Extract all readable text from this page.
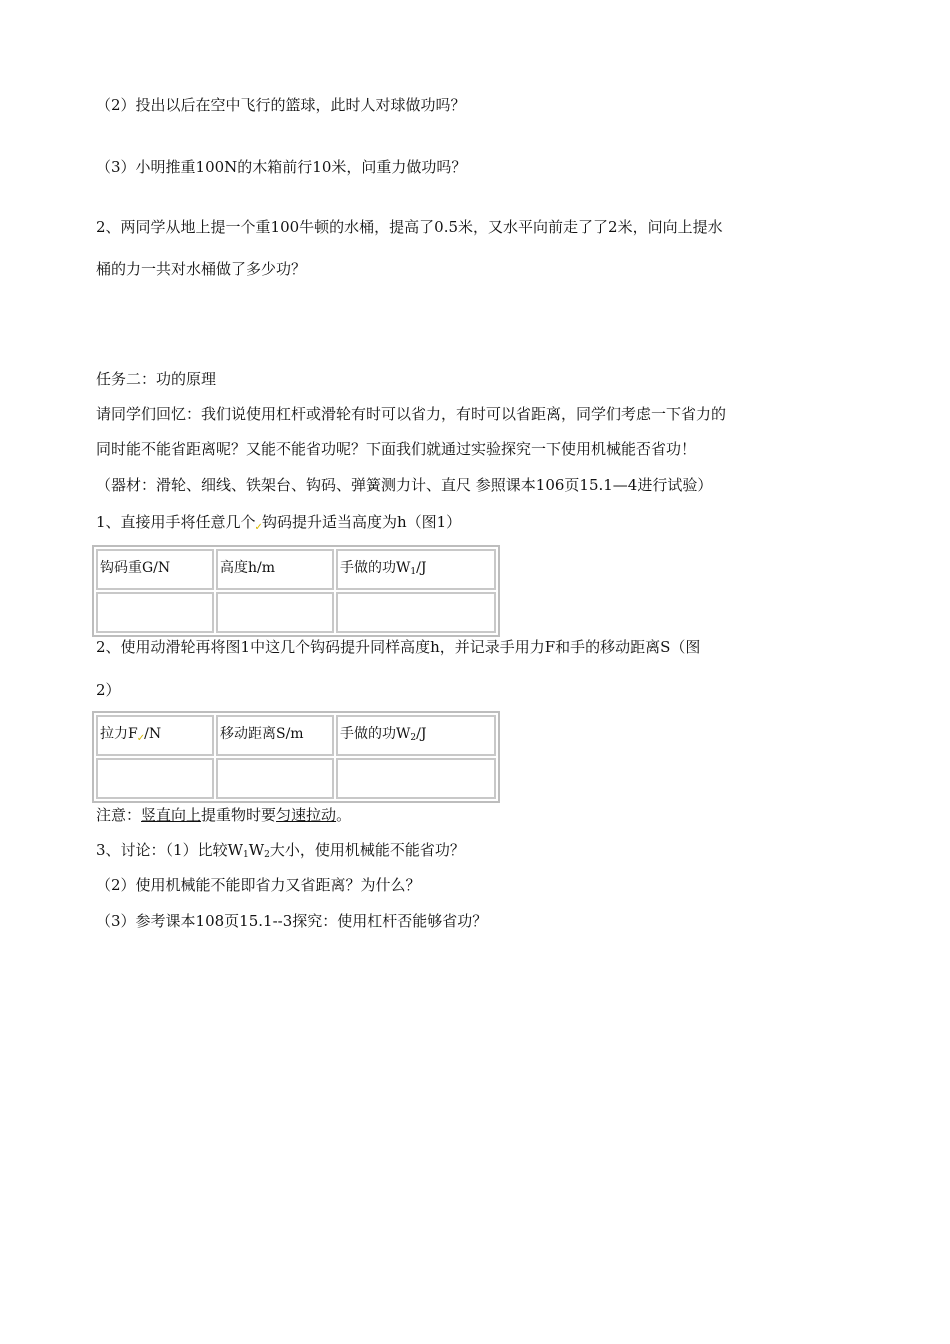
（2）投出以后在空中飞行的篮球，此时人对球做功吗？
（3）小明推重100N的木箱前行10米，问重力做功吗？
2、两同学从地上提一个重100牛顿的水桶，提高了0.5米，又水平向前走了了2米，问向上提水
桶的力一共对水桶做了多少功？
任务二：功的原理
请同学们回忆：我们说使用杠杆或滑轮有时可以省力，有时可以省距离，同学们考虑一下省力的
同时能不能省距离呢？又能不能省功呢？下面我们就通过实验探究一下使用机械能否省功！
（器材：滑轮、细线、铁架台、钩码、弹簧测力计、直尺 参照课本106页15.1—4进行试验）
1、直接用手将任意几个$_✓$钩码提升适当高度为h（图1）
钩码重G/N	高度h/m	手做的功$W_1/J$

2、使用动滑轮再将图1中这几个钩码提升同样高度h，并记录手用力F和手的移动距离S（图
2）
拉力$F_✓/N$	移动距离S/m	手做的功$W_2/J$

注意：竖直向上提重物时要匀速拉动。
3、讨论：（1）比较$W_1W_2$大小，使用机械能不能省功？
（2）使用机械能不能即省力又省距离？为什么？
（3）参考课本108页15.1--3探究：使用杠杆否能够省功？
